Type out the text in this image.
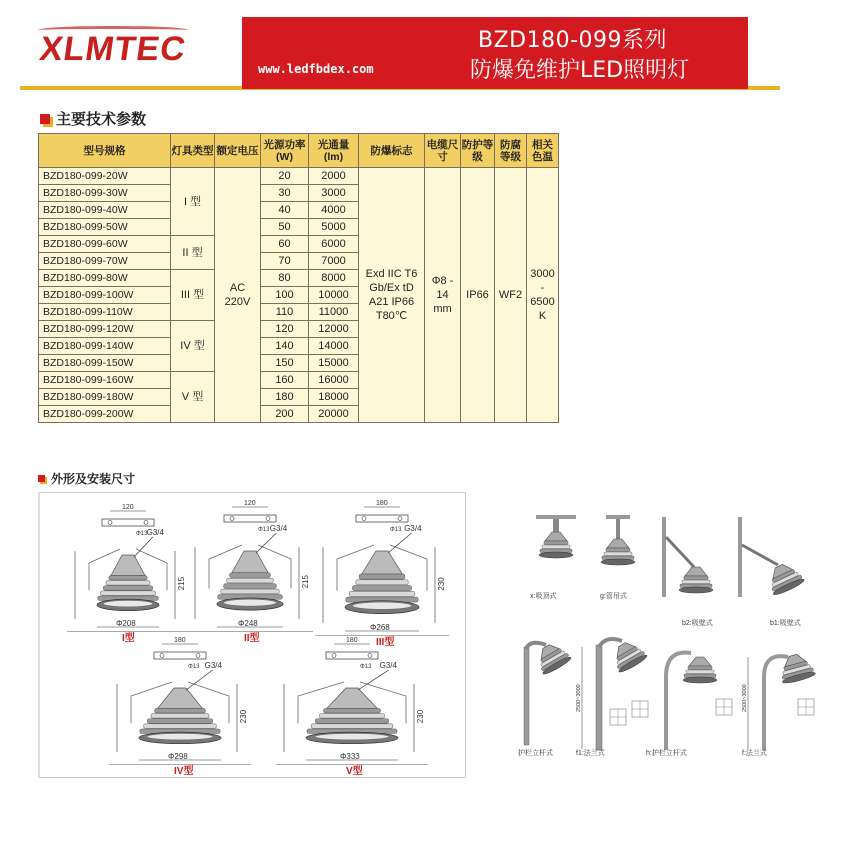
XLMTEC	BZD180-099系列
www.ledfbdex.com	防爆免维护LED照明灯
主要技术参数
型号规格	灯具类型	额定电压	光源功率(W)	光通量(lm)	防爆标志	电缆尺寸	防护等级	防腐等级	相关色温
BZD180-099-20W	I 型	AC 220V	20	2000	Exd IIC T6 Gb/Ex tD A21 IP66 T80℃	Φ8 - 14 mm	IP66	WF2	3000 - 6500 K
BZD180-099-30W			30	3000					
BZD180-099-40W			40	4000					
BZD180-099-50W			50	5000					
BZD180-099-60W	II 型		60	6000					
BZD180-099-70W			70	7000					
BZD180-099-80W	III 型		80	8000					
BZD180-099-100W			100	10000					
BZD180-099-110W			110	11000					
BZD180-099-120W	IV 型		120	12000					
BZD180-099-140W			140	14000					
BZD180-099-150W			150	15000					
BZD180-099-160W	V 型		160	16000					
BZD180-099-180W			180	18000					
BZD180-099-200W			200	20000					
外形及安装尺寸
G3/4
Φ208
215
120
Φ13
I型
G3/4
Φ248
215
120
Φ13
II型
G3/4
Φ268
230
180
Φ13
III型
G3/4
Φ298
230
180
Φ13
IV型
G3/4
Φ333
230
180
Φ13
V型
x:吸顶式	g:管吊式
b2:吸壁式	b1:吸壁式
2500~3000	2500~3000
护栏立杆式	f1:法兰式	h:护栏立杆式	f:法兰式
